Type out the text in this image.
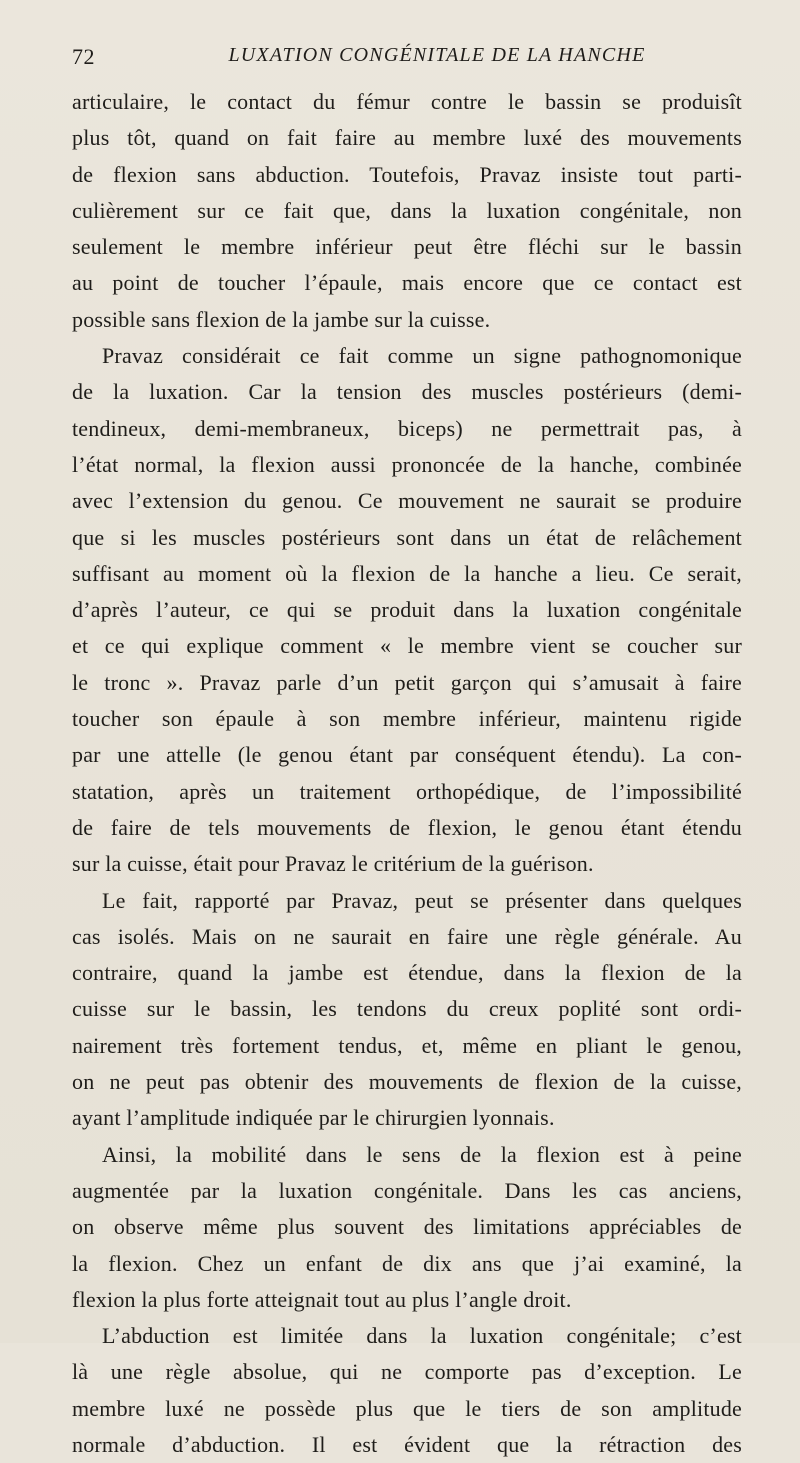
72	LUXATION CONGÉNITALE DE LA HANCHE
articulaire, le contact du fémur contre le bassin se produisît
plus tôt, quand on fait faire au membre luxé des mouvements
de flexion sans abduction. Toutefois, Pravaz insiste tout parti-
culièrement sur ce fait que, dans la luxation congénitale, non
seulement le membre inférieur peut être fléchi sur le bassin
au point de toucher l’épaule, mais encore que ce contact est
possible sans flexion de la jambe sur la cuisse.
Pravaz considérait ce fait comme un signe pathognomonique
de la luxation. Car la tension des muscles postérieurs (demi-
tendineux, demi-membraneux, biceps) ne permettrait pas, à
l’état normal, la flexion aussi prononcée de la hanche, combinée
avec l’extension du genou. Ce mouvement ne saurait se produire
que si les muscles postérieurs sont dans un état de relâchement
suffisant au moment où la flexion de la hanche a lieu. Ce serait,
d’après l’auteur, ce qui se produit dans la luxation congénitale
et ce qui explique comment « le membre vient se coucher sur
le tronc ». Pravaz parle d’un petit garçon qui s’amusait à faire
toucher son épaule à son membre inférieur, maintenu rigide
par une attelle (le genou étant par conséquent étendu). La con-
statation, après un traitement orthopédique, de l’impossibilité
de faire de tels mouvements de flexion, le genou étant étendu
sur la cuisse, était pour Pravaz le critérium de la guérison.
Le fait, rapporté par Pravaz, peut se présenter dans quelques
cas isolés. Mais on ne saurait en faire une règle générale. Au
contraire, quand la jambe est étendue, dans la flexion de la
cuisse sur le bassin, les tendons du creux poplité sont ordi-
nairement très fortement tendus, et, même en pliant le genou,
on ne peut pas obtenir des mouvements de flexion de la cuisse,
ayant l’amplitude indiquée par le chirurgien lyonnais.
Ainsi, la mobilité dans le sens de la flexion est à peine
augmentée par la luxation congénitale. Dans les cas anciens,
on observe même plus souvent des limitations appréciables de
la flexion. Chez un enfant de dix ans que j’ai examiné, la
flexion la plus forte atteignait tout au plus l’angle droit.
L’abduction est limitée dans la luxation congénitale; c’est
là une règle absolue, qui ne comporte pas d’exception. Le
membre luxé ne possède plus que le tiers de son amplitude
normale d’abduction. Il est évident que la rétraction des
